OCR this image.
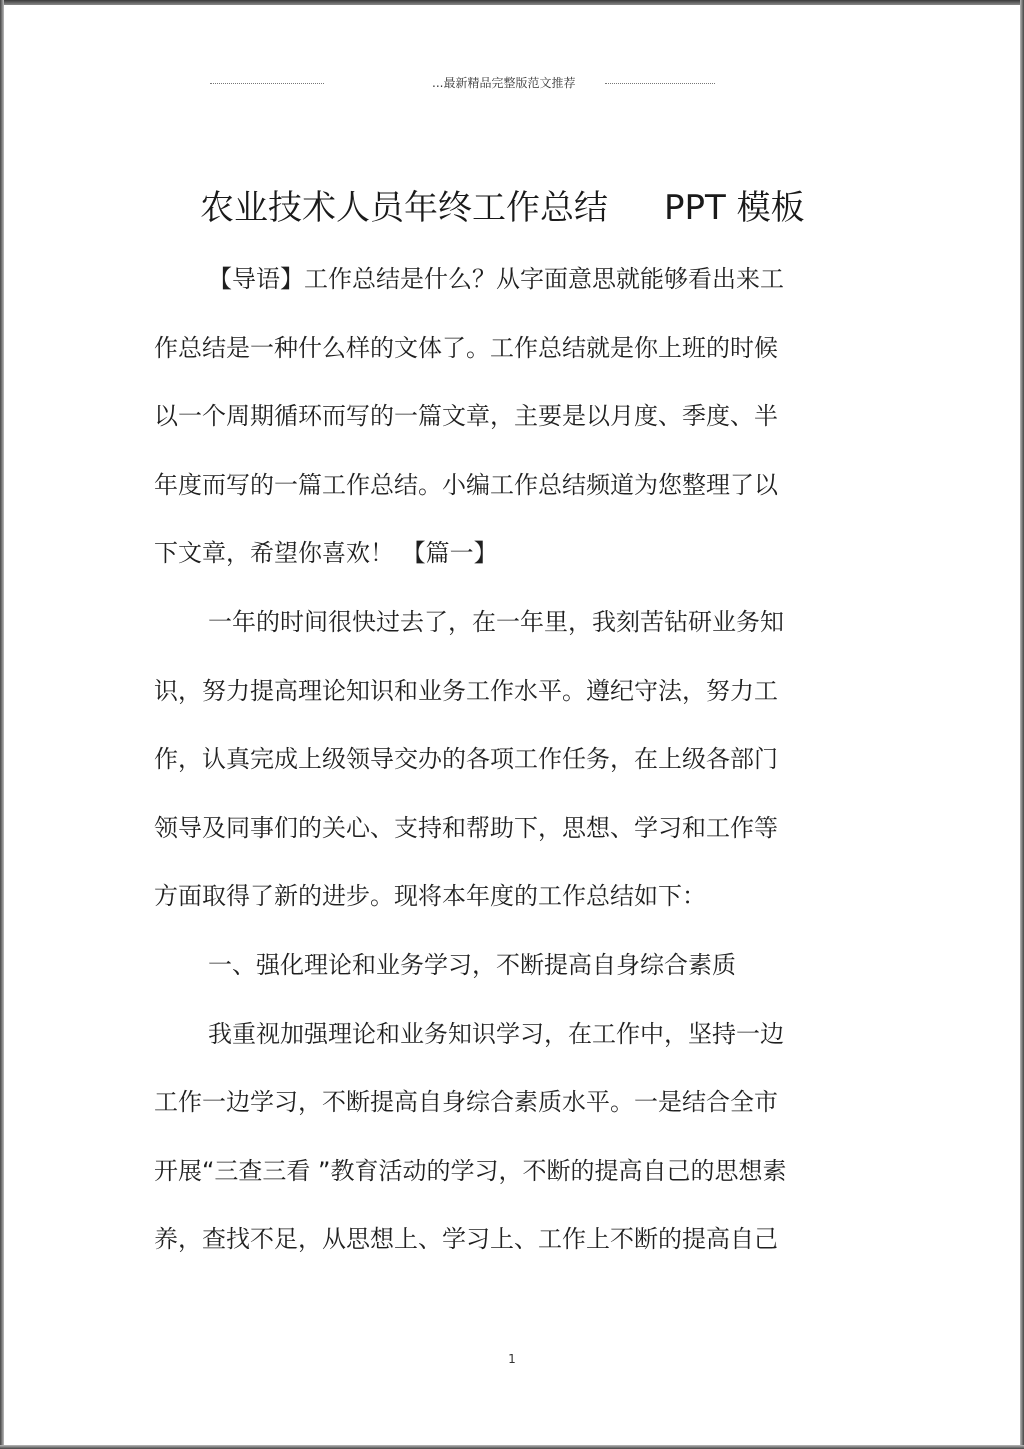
...最新精品完整版范文推荐
农业技术人员年终工作总结 PPT 模板
【导语】工作总结是什么？从字面意思就能够看出来工
作总结是一种什么样的文体了。工作总结就是你上班的时候
以一个周期循环而写的一篇文章，主要是以月度、季度、半
年度而写的一篇工作总结。小编工作总结频道为您整理了以
下文章，希望你喜欢！ 【篇一】
一年的时间很快过去了，在一年里，我刻苦钻研业务知
识，努力提高理论知识和业务工作水平。遵纪守法，努力工
作，认真完成上级领导交办的各项工作任务，在上级各部门
领导及同事们的关心、支持和帮助下，思想、学习和工作等
方面取得了新的进步。现将本年度的工作总结如下：
一、强化理论和业务学习，不断提高自身综合素质
我重视加强理论和业务知识学习，在工作中，坚持一边
工作一边学习，不断提高自身综合素质水平。一是结合全市
开展“三查三看 ”教育活动的学习，不断的提高自己的思想素
养，查找不足，从思想上、学习上、工作上不断的提高自己
1
